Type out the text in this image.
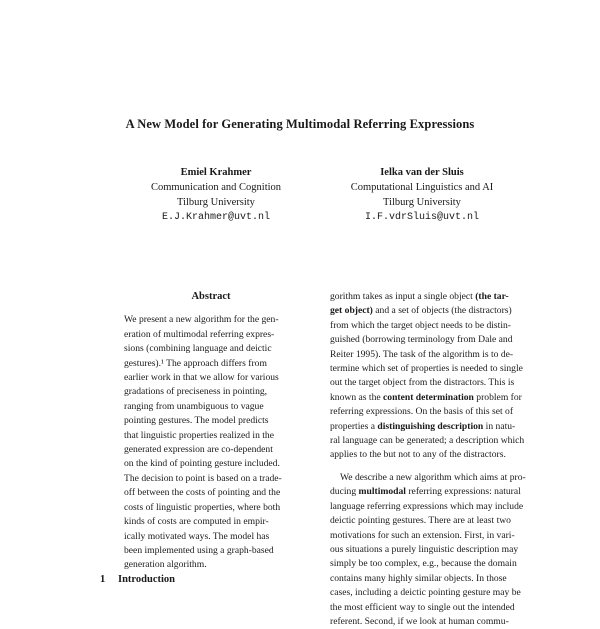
A New Model for Generating Multimodal Referring Expressions
Emiel Krahmer
Communication and Cognition
Tilburg University
E.J.Krahmer@uvt.nl
Ielka van der Sluis
Computational Linguistics and AI
Tilburg University
I.F.vdrSluis@uvt.nl
Abstract
We present a new algorithm for the gen-
eration of multimodal referring expres-
sions (combining language and deictic
gestures).¹ The approach differs from
earlier work in that we allow for various
gradations of preciseness in pointing,
ranging from unambiguous to vague
pointing gestures. The model predicts
that linguistic properties realized in the
generated expression are co-dependent
on the kind of pointing gesture included.
The decision to point is based on a trade-
off between the costs of pointing and the
costs of linguistic properties, where both
kinds of costs are computed in empir-
ically motivated ways. The model has
been implemented using a graph-based
generation algorithm.
1 Introduction
gorithm takes as input a single object (the tar-
get object) and a set of objects (the distractors)
from which the target object needs to be distin-
guished (borrowing terminology from Dale and
Reiter 1995). The task of the algorithm is to de-
termine which set of properties is needed to single
out the target object from the distractors. This is
known as the content determination problem for
referring expressions. On the basis of this set of
properties a distinguishing description in natu-
ral language can be generated; a description which
applies to the but not to any of the distractors.
We describe a new algorithm which aims at pro-
ducing multimodal referring expressions: natural
language referring expressions which may include
deictic pointing gestures. There are at least two
motivations for such an extension. First, in vari-
ous situations a purely linguistic description may
simply be too complex, e.g., because the domain
contains many highly similar objects. In those
cases, including a deictic pointing gesture may be
the most efficient way to single out the intended
referent. Second, if we look at human commu-
